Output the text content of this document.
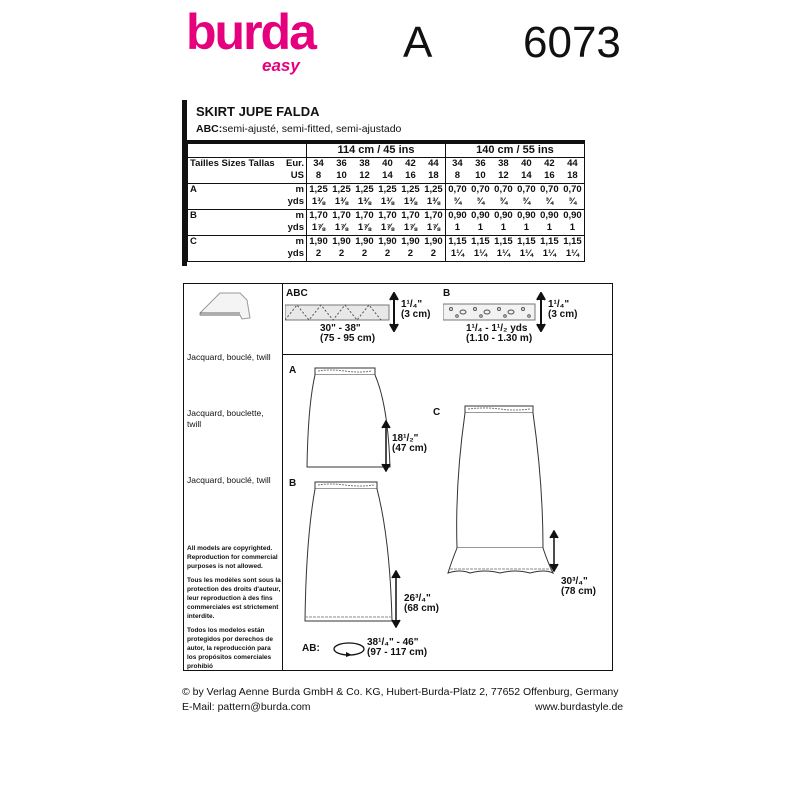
burda
easy A 6073
SKIRT JUPE FALDA
ABC:semi-ajusté, semi-fitted, semi-ajustado
		114 cm / 45 ins						140 cm / 55 ins					
Tailles Sizes Tallas	Eur.	34	36	38	40	42	44	34	36	38	40	42	44
	US	8	10	12	14	16	18	8	10	12	14	16	18
A	m	1,25	1,25	1,25	1,25	1,25	1,25	0,70	0,70	0,70	0,70	0,70	0,70
	yds	1⅜	1⅜	1⅜	1⅜	1⅜	1⅜	¾	¾	¾	¾	¾	¾
B	m	1,70	1,70	1,70	1,70	1,70	1,70	0,90	0,90	0,90	0,90	0,90	0,90
	yds	1⅞	1⅞	1⅞	1⅞	1⅞	1⅞	1	1	1	1	1	1
C	m	1,90	1,90	1,90	1,90	1,90	1,90	1,15	1,15	1,15	1,15	1,15	1,15
	yds	2	2	2	2	2	2	1¼	1¼	1¼	1¼	1¼	1¼
ABC
1¹/₄"
(3 cm)
30" - 38"
(75 - 95 cm)
B
1¹/₄"
(3 cm)
1¹/₄ - 1¹/₂ yds
(1.10 - 1.30 m)
Jacquard, bouclé, twill
Jacquard, bouclette, twill
Jacquard, bouclé, twill
All models are copyrighted. Reproduction for commercial purposes is not allowed.
Tous les modèles sont sous la protection des droits d'auteur, leur reproduction à des fins commerciales est strictement interdite.
Todos los modelos están protegidos por derechos de autor, la reproducción para los propósitos comerciales prohibió
A
18¹/₂"
(47 cm)
B
26³/₄"
(68 cm)
C
30³/₄"
(78 cm)
AB:
38¹/₄" - 46"
(97 - 117 cm)
© by Verlag Aenne Burda GmbH & Co. KG, Hubert-Burda-Platz 2, 77652 Offenburg, Germany
E-Mail: pattern@burda.com	www.burdastyle.de
